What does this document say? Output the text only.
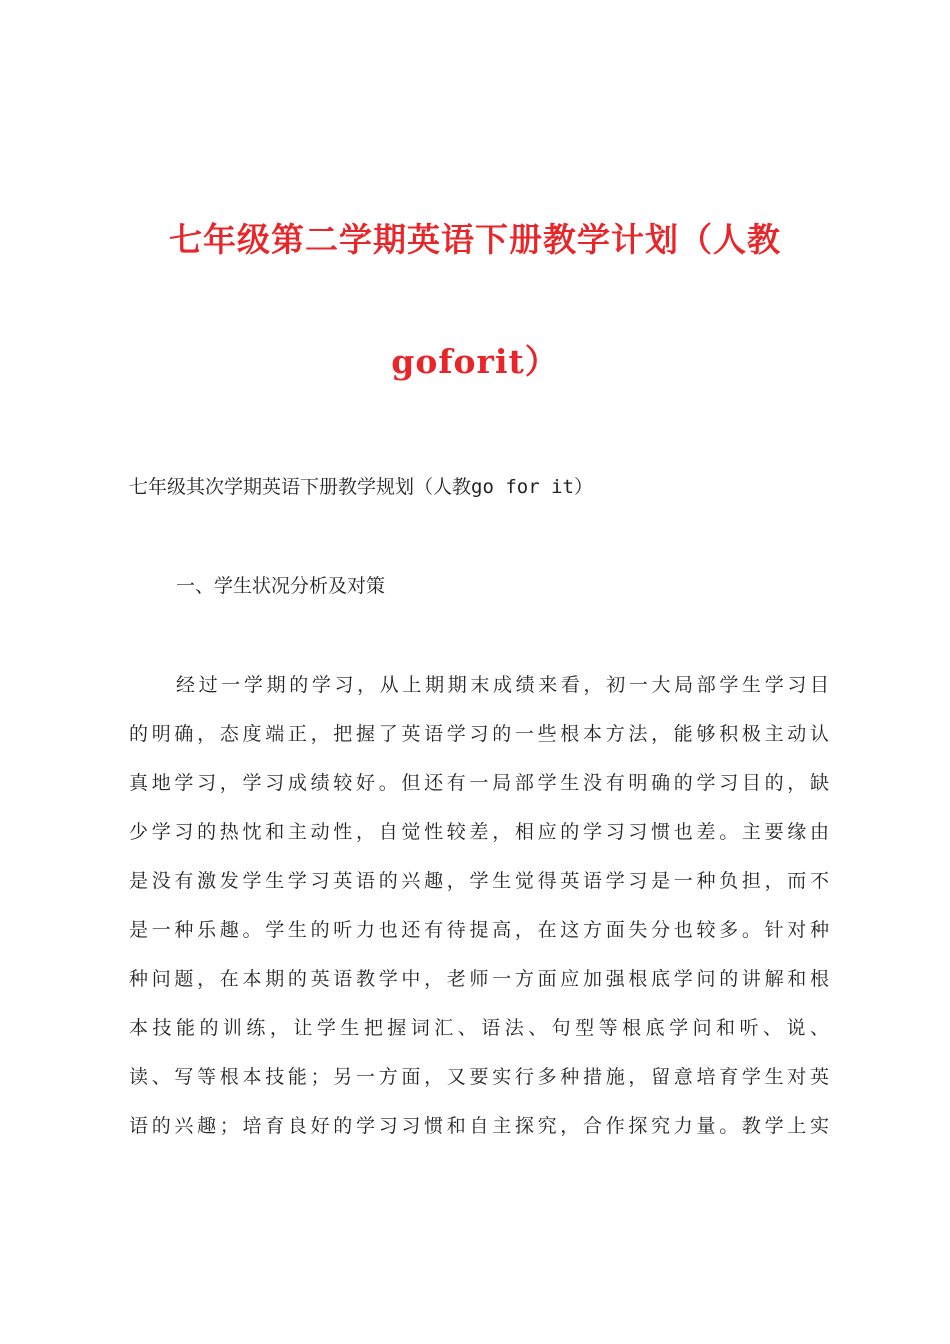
七年级第二学期英语下册教学计划（人教
goforit）
七年级其次学期英语下册教学规划（人教go for it）
一、学生状况分析及对策
经过一学期的学习，从上期期末成绩来看，初一大局部学生学习目
的明确，态度端正，把握了英语学习的一些根本方法，能够积极主动认
真地学习，学习成绩较好。但还有一局部学生没有明确的学习目的，缺
少学习的热忱和主动性，自觉性较差，相应的学习习惯也差。主要缘由
是没有激发学生学习英语的兴趣，学生觉得英语学习是一种负担，而不
是一种乐趣。学生的听力也还有待提高，在这方面失分也较多。针对种
种问题，在本期的英语教学中，老师一方面应加强根底学问的讲解和根
本技能的训练，让学生把握词汇、语法、句型等根底学问和听、说、
读、写等根本技能；另一方面，又要实行多种措施，留意培育学生对英
语的兴趣；培育良好的学习习惯和自主探究，合作探究力量。教学上实
